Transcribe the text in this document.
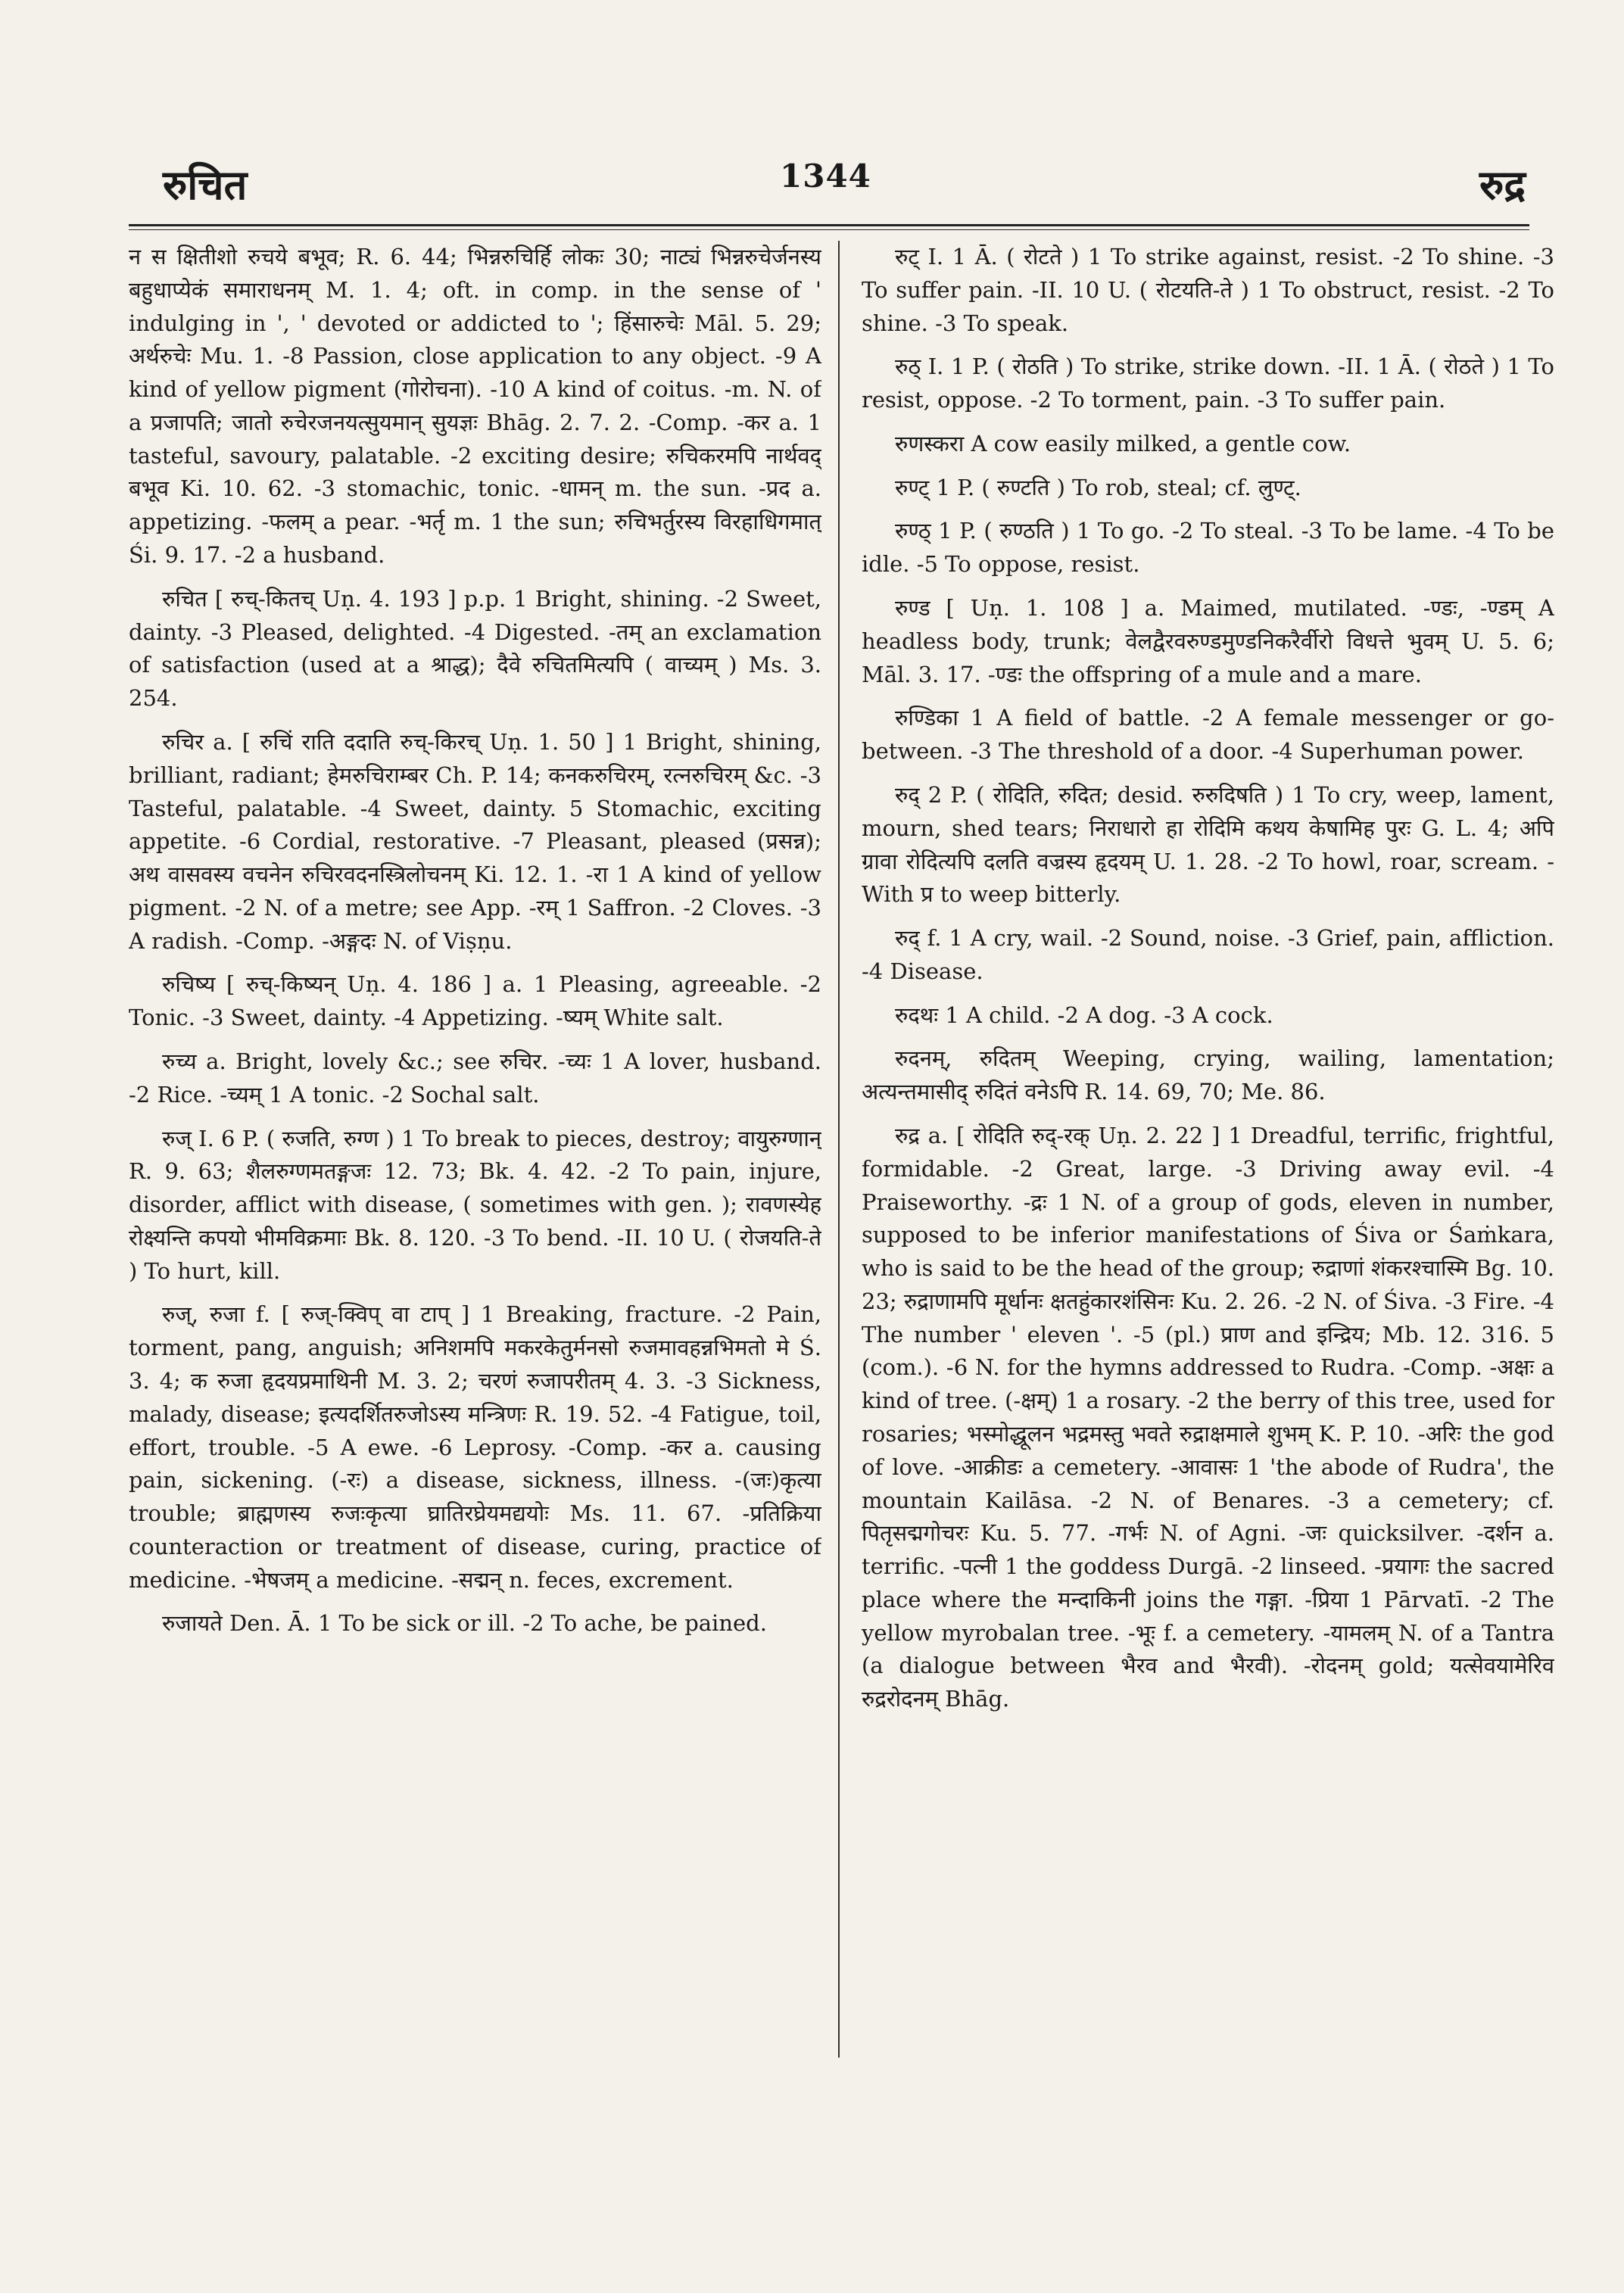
रुचित	1344	रुद्र

न स क्षितीशो रुचये बभूव; R. 6. 44; भिन्नरुचिर्हि लोकः 30; नाट्यं भिन्नरुचेर्जनस्य बहुधाप्येकं समाराधनम् M. 1. 4; oft. in comp. in the sense of ' indulging in ', ' devoted or addicted to '; हिंसारुचेः Māl. 5. 29; अर्थरुचेः Mu. 1. -8 Passion, close application to any object. -9 A kind of yellow pigment (गोरोचना). -10 A kind of coitus. -m. N. of a प्रजापति; जातो रुचेरजनयत्सुयमान् सुयज्ञः Bhāg. 2. 7. 2. -Comp. -कर a. 1 tasteful, savoury, palatable. -2 exciting desire; रुचिकरमपि नार्थवद् बभूव Ki. 10. 62. -3 stomachic, tonic. -धामन् m. the sun. -प्रद a. appetizing. -फलम् a pear. -भर्तृ m. 1 the sun; रुचिभर्तुरस्य विरहाधिगमात् Śi. 9. 17. -2 a husband.

रुचित [ रुच्-कितच् Uṇ. 4. 193 ] p.p. 1 Bright, shining. -2 Sweet, dainty. -3 Pleased, delighted. -4 Digested. -तम् an exclamation of satisfaction (used at a श्राद्ध); दैवे रुचितमित्यपि ( वाच्यम् ) Ms. 3. 254.

रुचिर a. [ रुचिं राति ददाति रुच्-किरच् Uṇ. 1. 50 ] 1 Bright, shining, brilliant, radiant; हेमरुचिराम्बर Ch. P. 14; कनकरुचिरम्, रत्नरुचिरम् &c. -3 Tasteful, palatable. -4 Sweet, dainty. 5 Stomachic, exciting appetite. -6 Cordial, restorative. -7 Pleasant, pleased (प्रसन्न); अथ वासवस्य वचनेन रुचिरवदनस्त्रिलोचनम् Ki. 12. 1. -रा 1 A kind of yellow pigment. -2 N. of a metre; see App. -रम् 1 Saffron. -2 Cloves. -3 A radish. -Comp. -अङ्गदः N. of Viṣṇu.

रुचिष्य [ रुच्-किष्यन् Uṇ. 4. 186 ] a. 1 Pleasing, agreeable. -2 Tonic. -3 Sweet, dainty. -4 Appetizing. -ष्यम् White salt.

रुच्य a. Bright, lovely &c.; see रुचिर. -च्यः 1 A lover, husband. -2 Rice. -च्यम् 1 A tonic. -2 Sochal salt.

रुज् I. 6 P. ( रुजति, रुग्ण ) 1 To break to pieces, destroy; वायुरुग्णान् R. 9. 63; शैलरुग्णमतङ्गजः 12. 73; Bk. 4. 42. -2 To pain, injure, disorder, afflict with disease, ( sometimes with gen. ); रावणस्येह रोक्ष्यन्ति कपयो भीमविक्रमाः Bk. 8. 120. -3 To bend. -II. 10 U. ( रोजयति-ते ) To hurt, kill.

रुज्, रुजा f. [ रुज्-क्विप् वा टाप् ] 1 Breaking, fracture. -2 Pain, torment, pang, anguish; अनिशमपि मकरकेतुर्मनसो रुजमावहन्नभिमतो मे Ś. 3. 4; क रुजा हृदयप्रमाथिनी M. 3. 2; चरणं रुजापरीतम् 4. 3. -3 Sickness, malady, disease; इत्यदर्शितरुजोऽस्य मन्त्रिणः R. 19. 52. -4 Fatigue, toil, effort, trouble. -5 A ewe. -6 Leprosy. -Comp. -कर a. causing pain, sickening. (-रः) a disease, sickness, illness. -(जः)कृत्या trouble; ब्राह्मणस्य रुजःकृत्या घ्रातिरघ्रेयमद्ययोः Ms. 11. 67. -प्रतिक्रिया counteraction or treatment of disease, curing, practice of medicine. -भेषजम् a medicine. -सद्मन् n. feces, excrement.

रुजायते Den. Ā. 1 To be sick or ill. -2 To ache, be pained.

रुट् I. 1 Ā. ( रोटते ) 1 To strike against, resist. -2 To shine. -3 To suffer pain. -II. 10 U. ( रोटयति-ते ) 1 To obstruct, resist. -2 To shine. -3 To speak.

रुठ् I. 1 P. ( रोठति ) To strike, strike down. -II. 1 Ā. ( रोठते ) 1 To resist, oppose. -2 To torment, pain. -3 To suffer pain.

रुणस्करा A cow easily milked, a gentle cow.

रुण्ट् 1 P. ( रुण्टति ) To rob, steal; cf. लुण्ट्.

रुण्ठ् 1 P. ( रुण्ठति ) 1 To go. -2 To steal. -3 To be lame. -4 To be idle. -5 To oppose, resist.

रुण्ड [ Uṇ. 1. 108 ] a. Maimed, mutilated. -ण्डः, -ण्डम् A headless body, trunk; वेलद्वैरवरुण्डमुण्डनिकरैर्वीरो विधत्ते भुवम् U. 5. 6; Māl. 3. 17. -ण्डः the offspring of a mule and a mare.

रुण्डिका 1 A field of battle. -2 A female messenger or go-between. -3 The threshold of a door. -4 Superhuman power.

रुद् 2 P. ( रोदिति, रुदित; desid. रुरुदिषति ) 1 To cry, weep, lament, mourn, shed tears; निराधारो हा रोदिमि कथय केषामिह पुरः G. L. 4; अपि ग्रावा रोदित्यपि दलति वज्रस्य हृदयम् U. 1. 28. -2 To howl, roar, scream. -With प्र to weep bitterly.

रुद् f. 1 A cry, wail. -2 Sound, noise. -3 Grief, pain, affliction. -4 Disease.

रुदथः 1 A child. -2 A dog. -3 A cock.

रुदनम्, रुदितम् Weeping, crying, wailing, lamentation; अत्यन्तमासीद् रुदितं वनेऽपि R. 14. 69, 70; Me. 86.

रुद्र a. [ रोदिति रुद्-रक् Uṇ. 2. 22 ] 1 Dreadful, terrific, frightful, formidable. -2 Great, large. -3 Driving away evil. -4 Praiseworthy. -द्रः 1 N. of a group of gods, eleven in number, supposed to be inferior manifestations of Śiva or Śaṁkara, who is said to be the head of the group; रुद्राणां शंकरश्चास्मि Bg. 10. 23; रुद्राणामपि मूर्धानः क्षतहुंकारशंसिनः Ku. 2. 26. -2 N. of Śiva. -3 Fire. -4 The number ' eleven '. -5 (pl.) प्राण and इन्द्रिय; Mb. 12. 316. 5 (com.). -6 N. for the hymns addressed to Rudra. -Comp. -अक्षः a kind of tree. (-क्षम्) 1 a rosary. -2 the berry of this tree, used for rosaries; भस्मोद्धूलन भद्रमस्तु भवते रुद्राक्षमाले शुभम् K. P. 10. -अरिः the god of love. -आक्रीडः a cemetery. -आवासः 1 'the abode of Rudra', the mountain Kailāsa. -2 N. of Benares. -3 a cemetery; cf. पितृसद्मगोचरः Ku. 5. 77. -गर्भः N. of Agni. -जः quicksilver. -दर्शन a. terrific. -पत्नी 1 the goddess Durgā. -2 linseed. -प्रयागः the sacred place where the मन्दाकिनी joins the गङ्गा. -प्रिया 1 Pārvatī. -2 The yellow myrobalan tree. -भूः f. a cemetery. -यामलम् N. of a Tantra (a dialogue between भैरव and भैरवी). -रोदनम् gold; यत्सेवयामेरिव रुद्ररोदनम् Bhāg.
